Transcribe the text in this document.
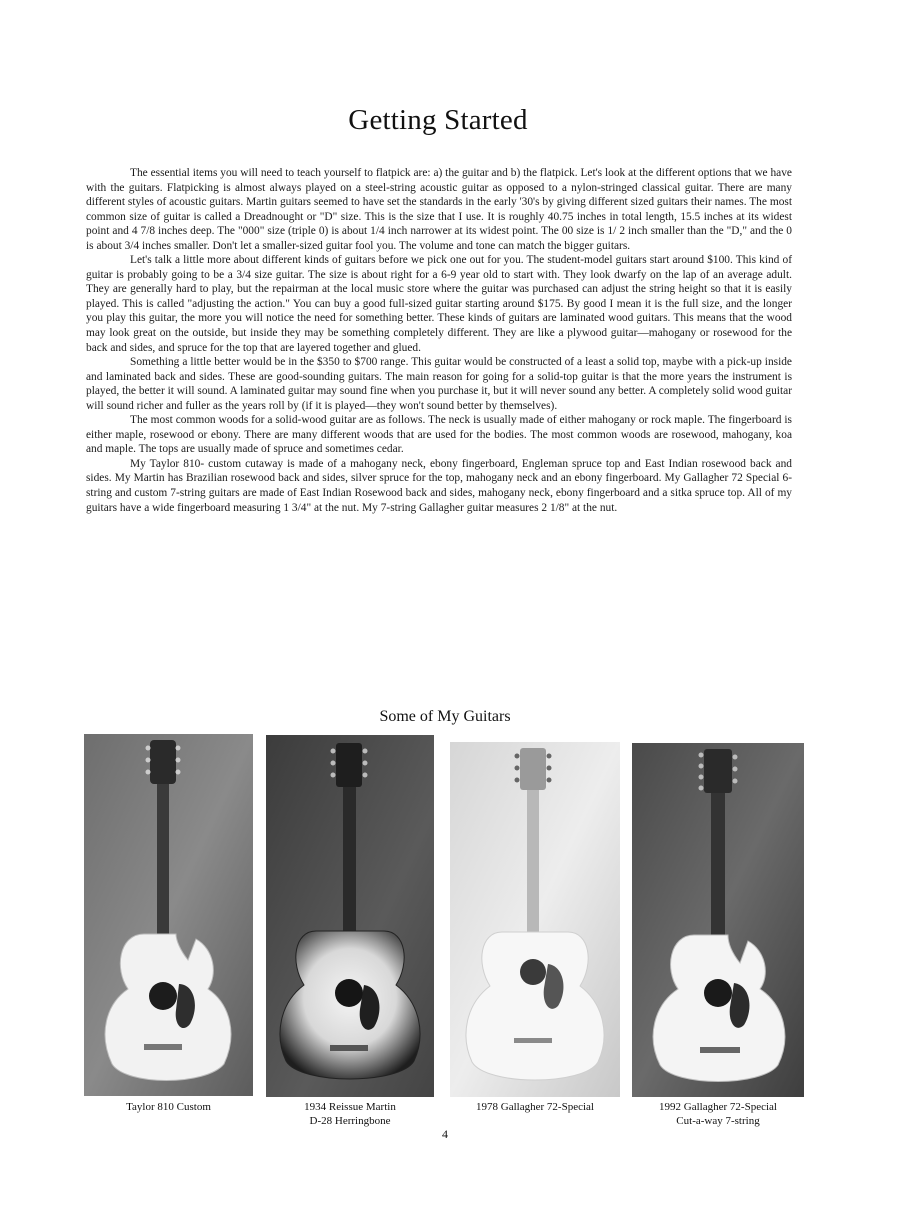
Getting Started

The essential items you will need to teach yourself to flatpick are: a) the guitar and b) the flatpick. Let's look at the different options that we have with the guitars. Flatpicking is almost always played on a steel-string acoustic guitar as opposed to a nylon-stringed classical guitar. There are many different styles of acoustic guitars. Martin guitars seemed to have set the standards in the early '30's by giving different sized guitars their names. The most common size of guitar is called a Dreadnought or "D" size. This is the size that I use. It is roughly 40.75 inches in total length, 15.5 inches at its widest point and 4 7/8 inches deep. The "000" size (triple 0) is about 1/4 inch narrower at its widest point. The 00 size is 1/ 2 inch smaller than the "D," and the 0 is about 3/4 inches smaller. Don't let a smaller-sized guitar fool you. The volume and tone can match the bigger guitars.

Let's talk a little more about different kinds of guitars before we pick one out for you. The student-model guitars start around $100. This kind of guitar is probably going to be a 3/4 size guitar. The size is about right for a 6-9 year old to start with. They look dwarfy on the lap of an average adult. They are generally hard to play, but the repairman at the local music store where the guitar was purchased can adjust the string height so that it is easily played. This is called "adjusting the action." You can buy a good full-sized guitar starting around $175. By good I mean it is the full size, and the longer you play this guitar, the more you will notice the need for something better. These kinds of guitars are laminated wood guitars. This means that the wood may look great on the outside, but inside they may be something completely different. They are like a plywood guitar—mahogany or rosewood for the back and sides, and spruce for the top that are layered together and glued.

Something a little better would be in the $350 to $700 range. This guitar would be constructed of a least a solid top, maybe with a pick-up inside and laminated back and sides. These are good-sounding guitars. The main reason for going for a solid-top guitar is that the more years the instrument is played, the better it will sound. A laminated guitar may sound fine when you purchase it, but it will never sound any better. A completely solid wood guitar will sound richer and fuller as the years roll by (if it is played—they won't sound better by themselves).

The most common woods for a solid-wood guitar are as follows. The neck is usually made of either mahogany or rock maple. The fingerboard is either maple, rosewood or ebony. There are many different woods that are used for the bodies. The most common woods are rosewood, mahogany, koa and maple. The tops are usually made of spruce and sometimes cedar.

My Taylor 810- custom cutaway is made of a mahogany neck, ebony fingerboard, Engleman spruce top and East Indian rosewood back and sides. My Martin has Brazilian rosewood back and sides, silver spruce for the top, mahogany neck and an ebony fingerboard. My Gallagher 72 Special 6-string and custom 7-string guitars are made of East Indian Rosewood back and sides, mahogany neck, ebony fingerboard and a sitka spruce top. All of my guitars have a wide fingerboard measuring 1 3/4" at the nut. My 7-string Gallagher guitar measures 2 1/8" at the nut.

Some of My Guitars
Taylor 810 Custom	1934 Reissue Martin
D-28 Herringbone
1978 Gallagher 72-Special	1992 Gallagher 72-Special
Cut-a-way 7-string
4
